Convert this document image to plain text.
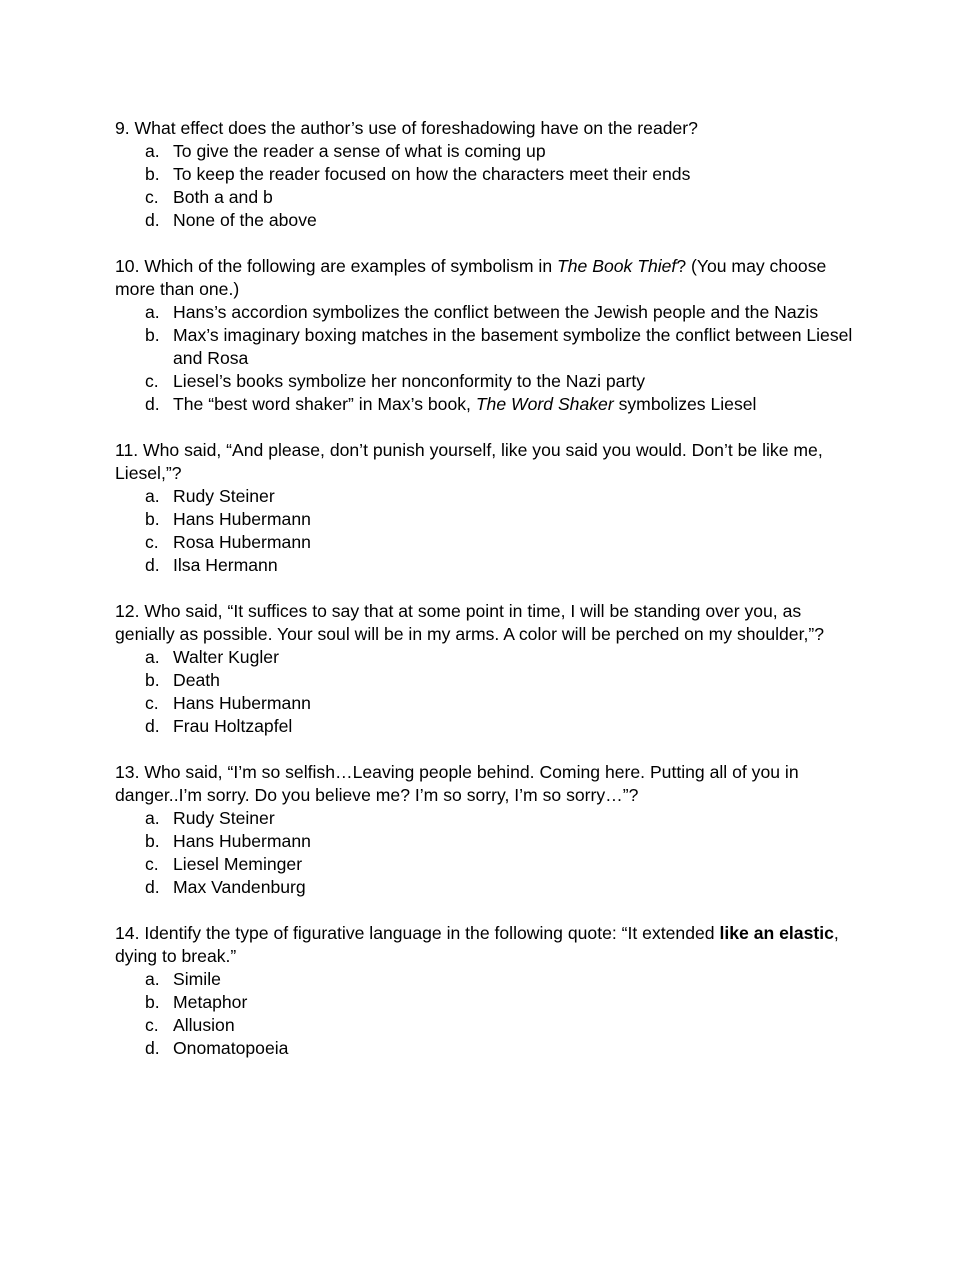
9. What effect does the author’s use of foreshadowing have on the reader?

a. To give the reader a sense of what is coming up
b. To keep the reader focused on how the characters meet their ends
c. Both a and b
d. None of the above

10. Which of the following are examples of symbolism in The Book Thief? (You may choose more than one.)

a. Hans’s accordion symbolizes the conflict between the Jewish people and the Nazis
b. Max’s imaginary boxing matches in the basement symbolize the conflict between Liesel and Rosa
c. Liesel’s books symbolize her nonconformity to the Nazi party
d. The “best word shaker” in Max’s book, The Word Shaker symbolizes Liesel

11. Who said, “And please, don’t punish yourself, like you said you would. Don’t be like me, Liesel,”?

a. Rudy Steiner
b. Hans Hubermann
c. Rosa Hubermann
d. Ilsa Hermann

12. Who said, “It suffices to say that at some point in time, I will be standing over you, as genially as possible. Your soul will be in my arms. A color will be perched on my shoulder,”?

a. Walter Kugler
b. Death
c. Hans Hubermann
d. Frau Holtzapfel

13. Who said, “I’m so selfish…Leaving people behind. Coming here. Putting all of you in danger..I’m sorry. Do you believe me? I’m so sorry, I’m so sorry…”?

a. Rudy Steiner
b. Hans Hubermann
c. Liesel Meminger
d. Max Vandenburg

14. Identify the type of figurative language in the following quote: “It extended like an elastic, dying to break.”

a. Simile
b. Metaphor
c. Allusion
d. Onomatopoeia
